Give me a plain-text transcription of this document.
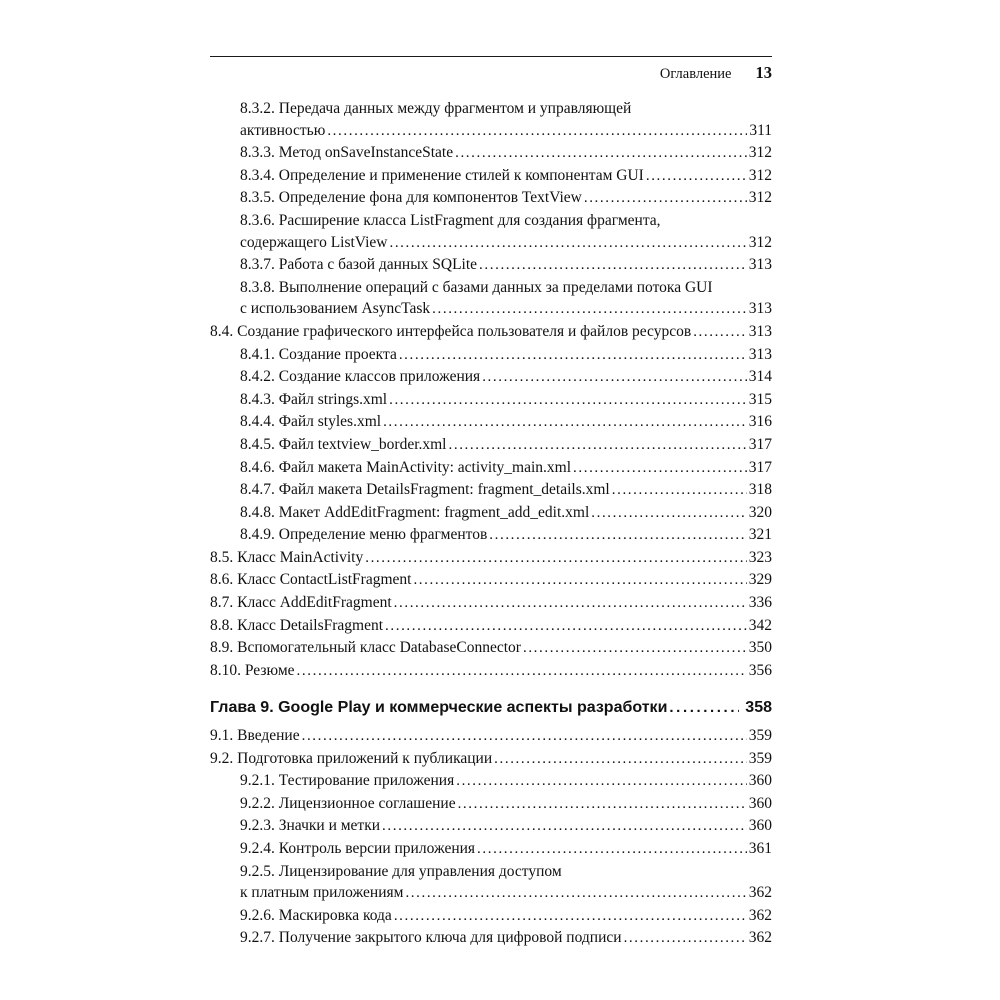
Оглавление 13
8.3.2. Передача данных между фрагментом и управляющей
активностью .....	311
8.3.3. Метод onSaveInstanceState .....	312
8.3.4. Определение и применение стилей к компонентам GUI .....	312
8.3.5. Определение фона для компонентов TextView .....	312
8.3.6. Расширение класса ListFragment для создания фрагмента,
содержащего ListView .....	312
8.3.7. Работа с базой данных SQLite .....	313
8.3.8. Выполнение операций с базами данных за пределами потока GUI
с использованием AsyncTask .....	313
8.4. Создание графического интерфейса пользователя и файлов ресурсов .....	313
8.4.1. Создание проекта .....	313
8.4.2. Создание классов приложения .....	314
8.4.3. Файл strings.xml .....	315
8.4.4. Файл styles.xml .....	316
8.4.5. Файл textview_border.xml .....	317
8.4.6. Файл макета MainActivity: activity_main.xml .....	317
8.4.7. Файл макета DetailsFragment: fragment_details.xml .....	318
8.4.8. Макет AddEditFragment: fragment_add_edit.xml .....	320
8.4.9. Определение меню фрагментов .....	321
8.5. Класс MainActivity .....	323
8.6. Класс ContactListFragment .....	329
8.7. Класс AddEditFragment .....	336
8.8. Класс DetailsFragment .....	342
8.9. Вспомогательный класс DatabaseConnector .....	350
8.10. Резюме .....	356
Глава 9. Google Play и коммерческие аспекты разработки .....	358
9.1. Введение .....	359
9.2. Подготовка приложений к публикации .....	359
9.2.1. Тестирование приложения .....	360
9.2.2. Лицензионное соглашение .....	360
9.2.3. Значки и метки .....	360
9.2.4. Контроль версии приложения .....	361
9.2.5. Лицензирование для управления доступом
к платным приложениям .....	362
9.2.6. Маскировка кода .....	362
9.2.7. Получение закрытого ключа для цифровой подписи .....	362
